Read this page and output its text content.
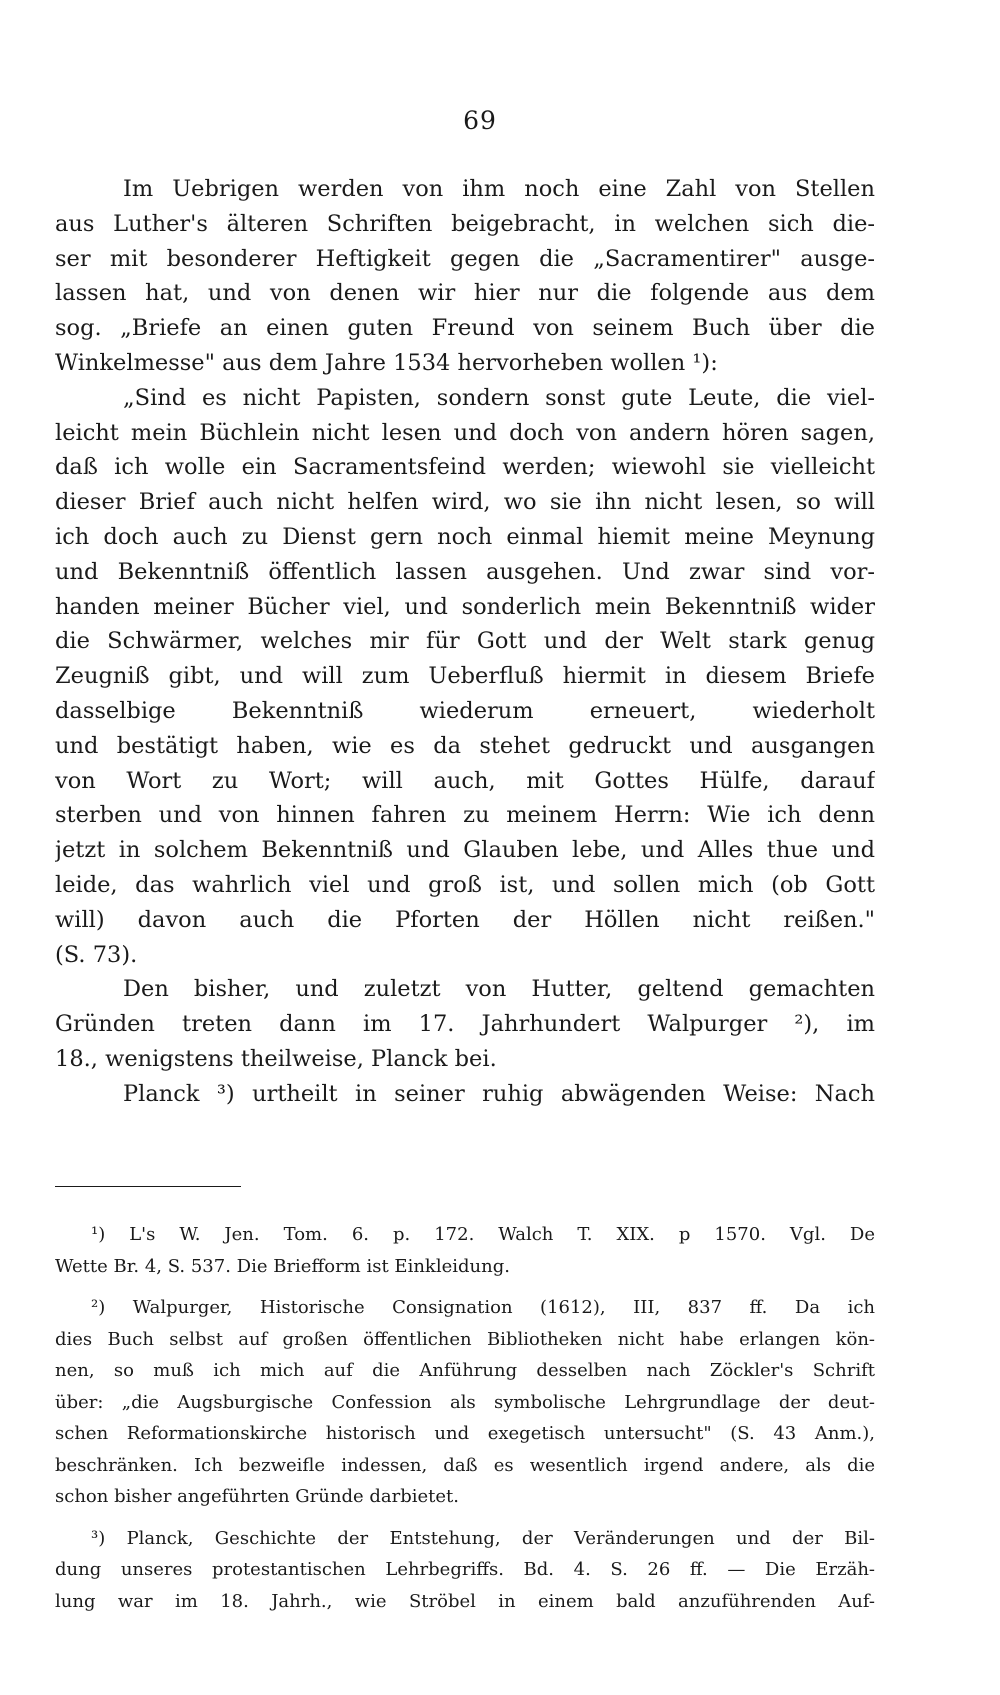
69
Im Uebrigen werden von ihm noch eine Zahl von Stellen
aus Luther's älteren Schriften beigebracht, in welchen sich die-
ser mit besonderer Heftigkeit gegen die „Sacramentirer" ausge-
lassen hat, und von denen wir hier nur die folgende aus dem
sog. „Briefe an einen guten Freund von seinem Buch über die
Winkelmesse" aus dem Jahre 1534 hervorheben wollen ¹):
„Sind es nicht Papisten, sondern sonst gute Leute, die viel-
leicht mein Büchlein nicht lesen und doch von andern hören sagen,
daß ich wolle ein Sacramentsfeind werden; wiewohl sie vielleicht
dieser Brief auch nicht helfen wird, wo sie ihn nicht lesen, so will
ich doch auch zu Dienst gern noch einmal hiemit meine Meynung
und Bekenntniß öffentlich lassen ausgehen. Und zwar sind vor-
handen meiner Bücher viel, und sonderlich mein Bekenntniß wider
die Schwärmer, welches mir für Gott und der Welt stark genug
Zeugniß gibt, und will zum Ueberfluß hiermit in diesem Briefe
dasselbige Bekenntniß wiederum erneuert, wiederholt
und bestätigt haben, wie es da stehet gedruckt und ausgangen
von Wort zu Wort; will auch, mit Gottes Hülfe, darauf
sterben und von hinnen fahren zu meinem Herrn: Wie ich denn
jetzt in solchem Bekenntniß und Glauben lebe, und Alles thue und
leide, das wahrlich viel und groß ist, und sollen mich (ob Gott
will) davon auch die Pforten der Höllen nicht reißen."
(S. 73).
Den bisher, und zuletzt von Hutter, geltend gemachten
Gründen treten dann im 17. Jahrhundert Walpurger ²), im
18., wenigstens theilweise, Planck bei.
Planck ³) urtheilt in seiner ruhig abwägenden Weise: Nach
¹) L's W. Jen. Tom. 6. p. 172. Walch T. XIX. p 1570. Vgl. De
Wette Br. 4, S. 537. Die Briefform ist Einkleidung.
²) Walpurger, Historische Consignation (1612), III, 837 ff. Da ich
dies Buch selbst auf großen öffentlichen Bibliotheken nicht habe erlangen kön-
nen, so muß ich mich auf die Anführung desselben nach Zöckler's Schrift
über: „die Augsburgische Confession als symbolische Lehrgrundlage der deut-
schen Reformationskirche historisch und exegetisch untersucht" (S. 43 Anm.),
beschränken. Ich bezweifle indessen, daß es wesentlich irgend andere, als die
schon bisher angeführten Gründe darbietet.
³) Planck, Geschichte der Entstehung, der Veränderungen und der Bil-
dung unseres protestantischen Lehrbegriffs. Bd. 4. S. 26 ff. — Die Erzäh-
lung war im 18. Jahrh., wie Ströbel in einem bald anzuführenden Auf-
